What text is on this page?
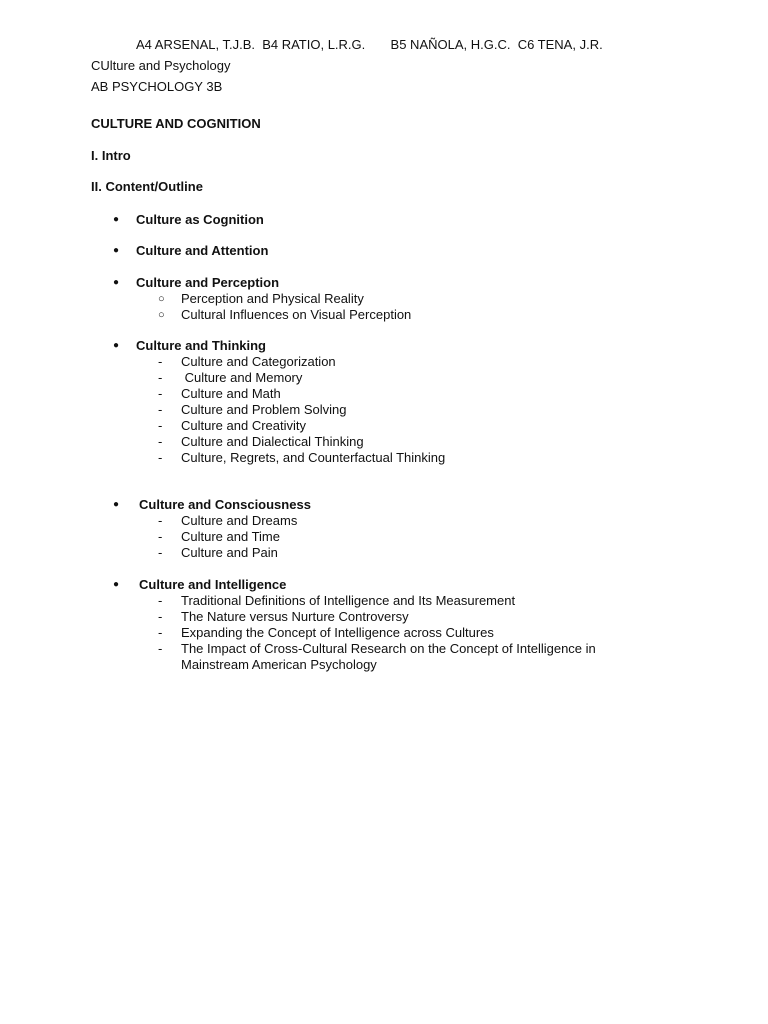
A4 ARSENAL, T.J.B.  B4 RATIO, L.R.G.       B5 NAÑOLA, H.G.C.  C6 TENA, J.R.
CUlture and Psychology
AB PSYCHOLOGY 3B
CULTURE AND COGNITION
I. Intro
II. Content/Outline
● Culture as Cognition
● Culture and Attention
● Culture and Perception
○ Perception and Physical Reality
○ Cultural Influences on Visual Perception
● Culture and Thinking
- Culture and Categorization
- Culture and Memory
- Culture and Math
- Culture and Problem Solving
- Culture and Creativity
- Culture and Dialectical Thinking
- Culture, Regrets, and Counterfactual Thinking
● Culture and Consciousness
- Culture and Dreams
- Culture and Time
- Culture and Pain
● Culture and Intelligence
- Traditional Definitions of Intelligence and Its Measurement
- The Nature versus Nurture Controversy
- Expanding the Concept of Intelligence across Cultures
- The Impact of Cross-Cultural Research on the Concept of Intelligence in Mainstream American Psychology
